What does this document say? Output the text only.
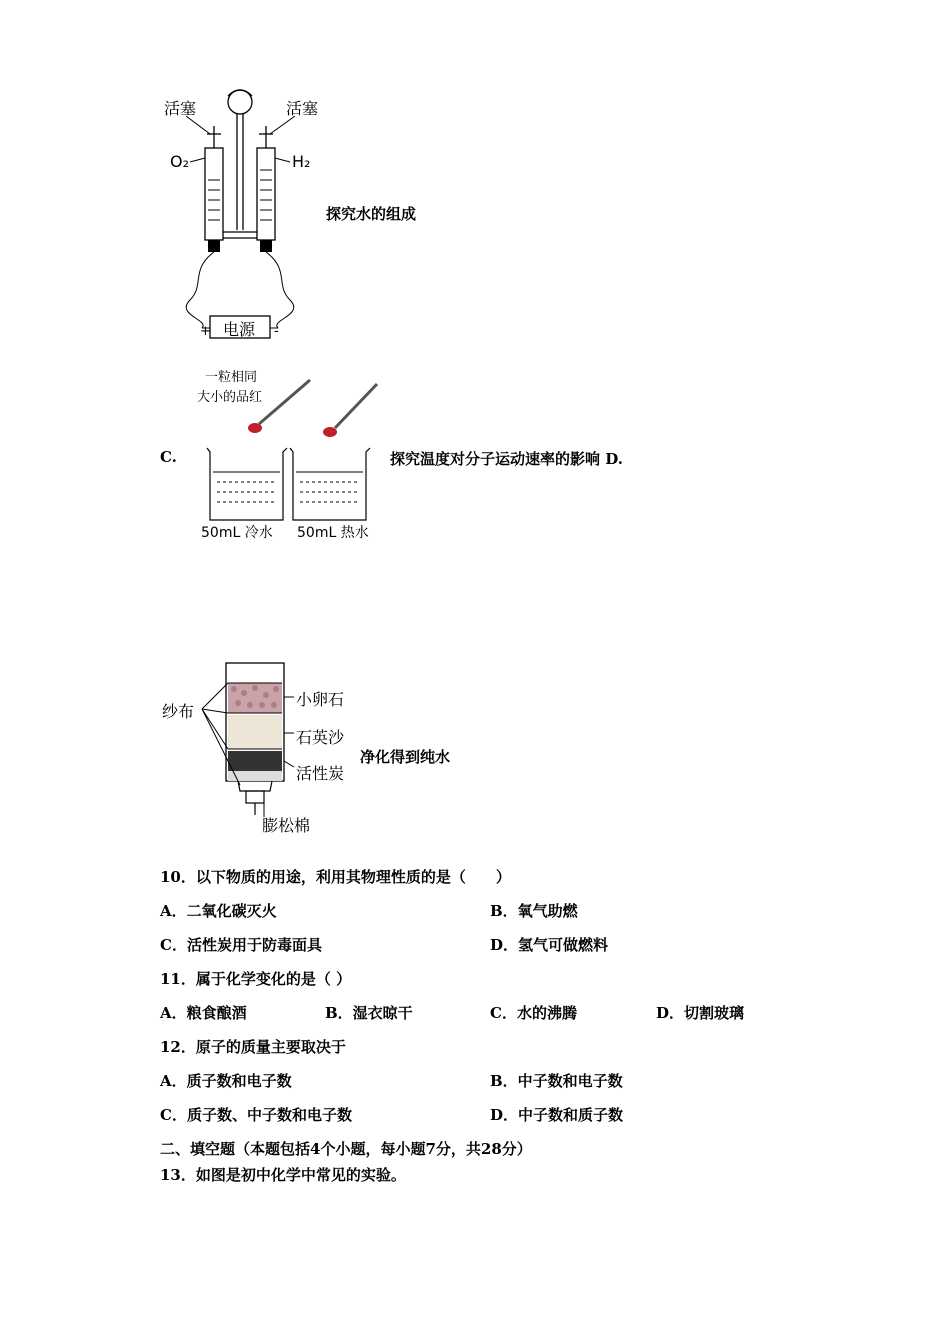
活塞	活塞
O₂	H₂
电源
+	-
探究水的组成
C.
一粒相同
大小的品红
50mL 冷水 50mL 热水
探究温度对分子运动速率的影响 D.
纱布
小卵石
石英沙
活性炭
膨松棉
净化得到纯水
10．以下物质的用途，利用其物理性质的是（　　）
A．二氧化碳灭火	B．氧气助燃
C．活性炭用于防毒面具	D．氢气可做燃料
11．属于化学变化的是（ ）
A．粮食酿酒	B．湿衣晾干	C．水的沸腾	D．切割玻璃
12．原子的质量主要取决于
A．质子数和电子数	B．中子数和电子数
C．质子数、中子数和电子数	D．中子数和质子数
二、填空题（本题包括4个小题，每小题7分，共28分）
13．如图是初中化学中常见的实验。
